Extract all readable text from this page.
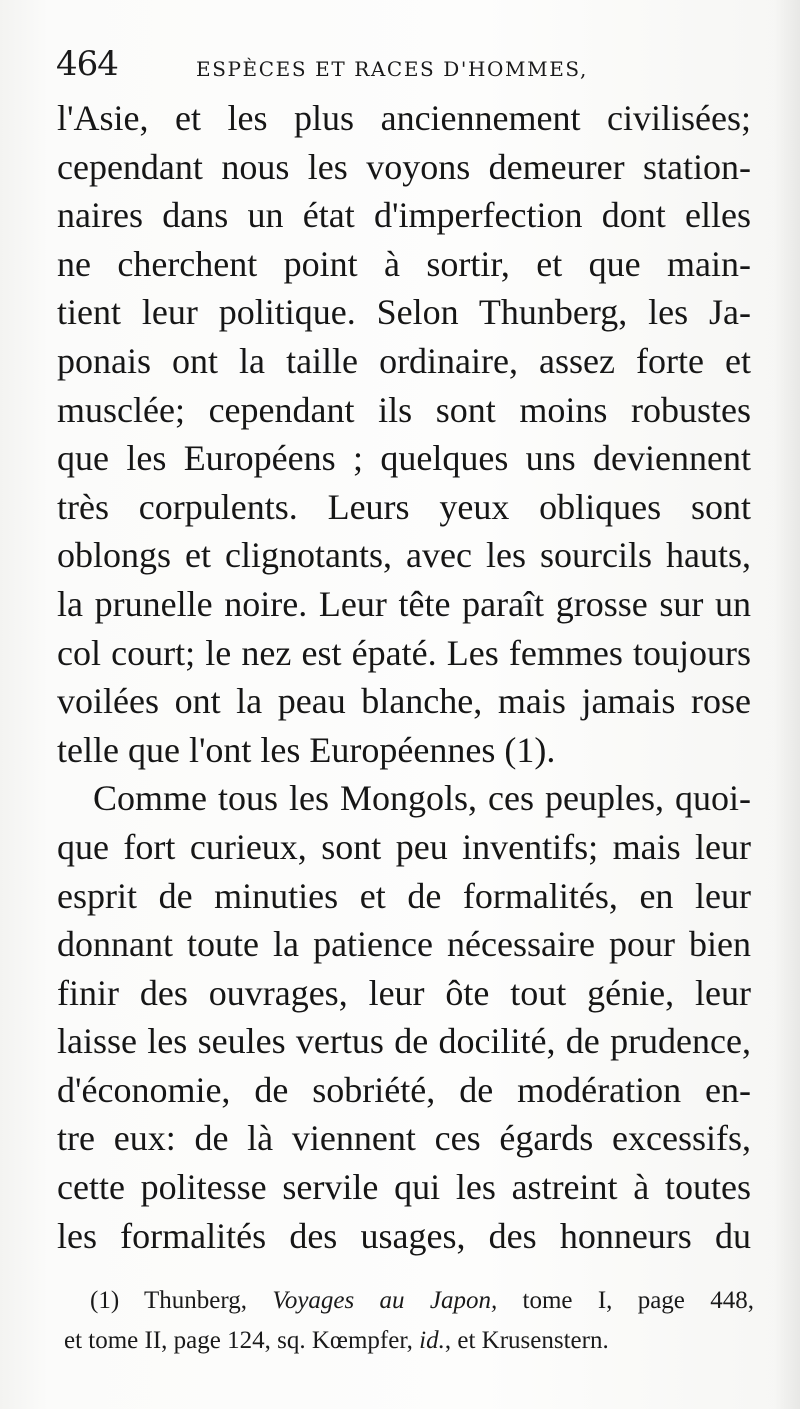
464	ESPÈCES ET RACES D'HOMMES,
l'Asie, et les plus anciennement civilisées;
cependant nous les voyons demeurer station-
naires dans un état d'imperfection dont elles
ne cherchent point à sortir, et que main-
tient leur politique. Selon Thunberg, les Ja-
ponais ont la taille ordinaire, assez forte et
musclée; cependant ils sont moins robustes
que les Européens ; quelques uns deviennent
très corpulents. Leurs yeux obliques sont
oblongs et clignotants, avec les sourcils hauts,
la prunelle noire. Leur tête paraît grosse sur un
col court; le nez est épaté. Les femmes toujours
voilées ont la peau blanche, mais jamais rose
telle que l'ont les Européennes (1).
Comme tous les Mongols, ces peuples, quoi-
que fort curieux, sont peu inventifs; mais leur
esprit de minuties et de formalités, en leur
donnant toute la patience nécessaire pour bien
finir des ouvrages, leur ôte tout génie, leur
laisse les seules vertus de docilité, de prudence,
d'économie, de sobriété, de modération en-
tre eux: de là viennent ces égards excessifs,
cette politesse servile qui les astreint à toutes
les formalités des usages, des honneurs du
(1) Thunberg, Voyages au Japon, tome I, page 448,
et tome II, page 124, sq. Kœmpfer, id., et Krusenstern.
